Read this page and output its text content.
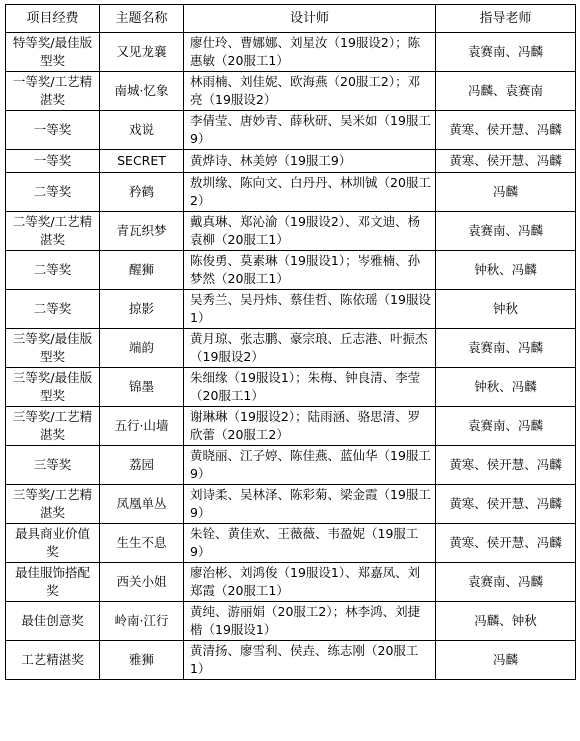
项目经费	主题名称	设计师	指导老师
特等奖/最佳版型奖	又见龙襄	廖仕玲、曹娜娜、刘星汝（19服设2）；陈惠敏（20服工1）	袁赛南、冯麟
一等奖/工艺精湛奖	南城·忆象	林雨楠、刘佳妮、欧海燕（20服工2）；邓亮（19服设2）	冯麟、袁赛南
一等奖	戏说	李倩莹、唐妙青、薛秋研、吴米如（19服工9）	黄寒、侯开慧、冯麟
一等奖	SECRET	黄烨诗、林美婷（19服工9）	黄寒、侯开慧、冯麟
二等奖	矜鹤	敖圳缘、陈向文、白丹丹、林圳铖（20服工2）	冯麟
二等奖/工艺精湛奖	青瓦织梦	戴真琳、郑沁渝（19服设2）、邓文迪、杨袁柳（20服工1）	袁赛南、冯麟
二等奖	醒狮	陈俊勇、莫素琳（19服设1）；岑雅楠、孙梦然（20服工1）	钟秋、冯麟
二等奖	掠影	吴秀兰、吴丹炜、蔡佳哲、陈依瑶（19服设1）	钟秋
三等奖/最佳版型奖	端韵	黄月琼、张志鹏、豪宗琅、丘志港、叶振杰（19服设2）	袁赛南、冯麟
三等奖/最佳版型奖	锦墨	朱细缘（19服设1）；朱梅、钟良清、李莹（20服工1）	钟秋、冯麟
三等奖/工艺精湛奖	五行·山墙	谢琳琳（19服设2）；陆雨涵、骆思清、罗欣蕾（20服工2）	袁赛南、冯麟
三等奖	荔园	黄晓丽、江子婷、陈佳燕、蓝仙华（19服工9）	黄寒、侯开慧、冯麟
三等奖/工艺精湛奖	凤凰单丛	刘诗柔、吴林泽、陈彩菊、梁金霞（19服工9）	黄寒、侯开慧、冯麟
最具商业价值奖	生生不息	朱铨、黄佳欢、王薇薇、韦盈妮（19服工9）	黄寒、侯开慧、冯麟
最佳服饰搭配奖	西关小姐	廖治彬、刘鸿俊（19服设1）、郑嘉凤、刘郑霞（20服工1）	袁赛南、冯麟
最佳创意奖	岭南·江行	黄纯、游丽娟（20服工2）；林李鸿、刘捷楷（19服设1）	冯麟、钟秋
工艺精湛奖	雅狮	黄清扬、廖雪利、侯垚、练志刚（20服工1）	冯麟
